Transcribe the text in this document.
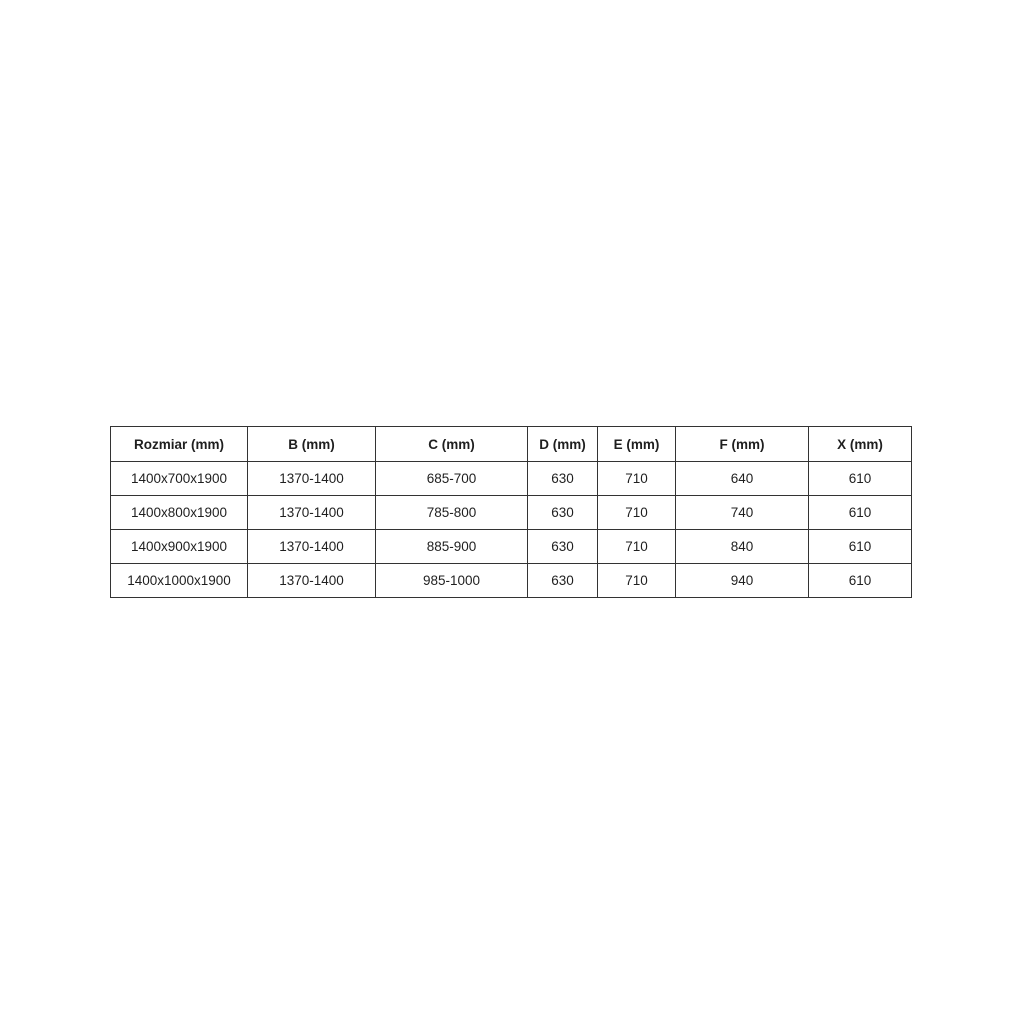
Rozmiar (mm)	B (mm)	C (mm)	D (mm)	E (mm)	F (mm)	X (mm)
1400x700x1900	1370-1400	685-700	630	710	640	610
1400x800x1900	1370-1400	785-800	630	710	740	610
1400x900x1900	1370-1400	885-900	630	710	840	610
1400x1000x1900	1370-1400	985-1000	630	710	940	610
